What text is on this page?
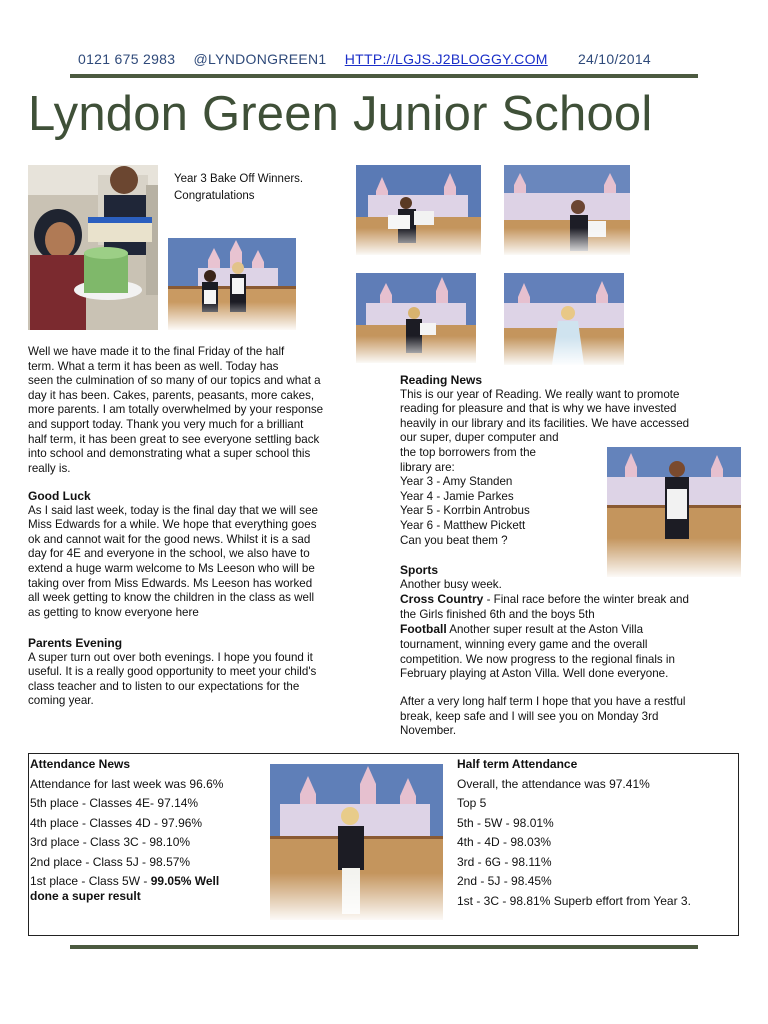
0121 675 2983 @LYNDONGREEN1 HTTP://LGJS.J2BLOGGY.COM 24/10/2014
Lyndon Green Junior School

Year 3 Bake Off Winners.

Congratulations

Well we have made it to the final Friday of the half

term. What a term it has been as well. Today has

seen the culmination of so many of our topics and what a

day it has been. Cakes, parents, peasants, more cakes,

more parents. I am totally overwhelmed by your response

and support today. Thank you very much for a brilliant

half term, it has been great to see everyone settling back

into school and demonstrating what a super school this

really is.

Good Luck

As I said last week, today is the final day that we will see

Miss Edwards for a while. We hope that everything goes

ok and cannot wait for the good news. Whilst it is a sad

day for 4E and everyone in the school, we also have to

extend a huge warm welcome to Ms Leeson who will be

taking over from Miss Edwards. Ms Leeson has worked

all week getting to know the children in the class as well

as getting to know everyone here

Parents Evening

A super turn out over both evenings. I hope you found it

useful. It is a really good opportunity to meet your child's

class teacher and to listen to our expectations for the

coming year.

Reading News

This is our year of Reading. We really want to promote

reading for pleasure and that is why we have invested

heavily in our library and its facilities. We have accessed

our super, duper computer and

the top borrowers from the

library are:

Year 3 - Amy Standen

Year 4 - Jamie Parkes

Year 5 - Korrbin Antrobus

Year 6 - Matthew Pickett

Can you beat them ?

Sports

Another busy week.

Cross Country - Final race before the winter break and

the Girls finished 6th and the boys 5th

Football Another super result at the Aston Villa

tournament, winning every game and the overall

competition. We now progress to the regional finals in

February playing at Aston Villa. Well done everyone.

After a very long half term I hope that you have a restful

break, keep safe and I will see you on Monday 3rd

November.

Attendance News
Attendance for last week was 96.6%
5th place - Classes 4E- 97.14%
4th place - Classes 4D - 97.96%
3rd place - Class 3C - 98.10%
2nd place - Class 5J - 98.57%
1st place - Class 5W - 99.05% Well
done a super result
Half term Attendance
Overall, the attendance was 97.41%
Top 5
5th - 5W - 98.01%
4th - 4D - 98.03%
3rd - 6G - 98.11%
2nd - 5J - 98.45%
1st - 3C - 98.81% Superb effort from Year 3.
